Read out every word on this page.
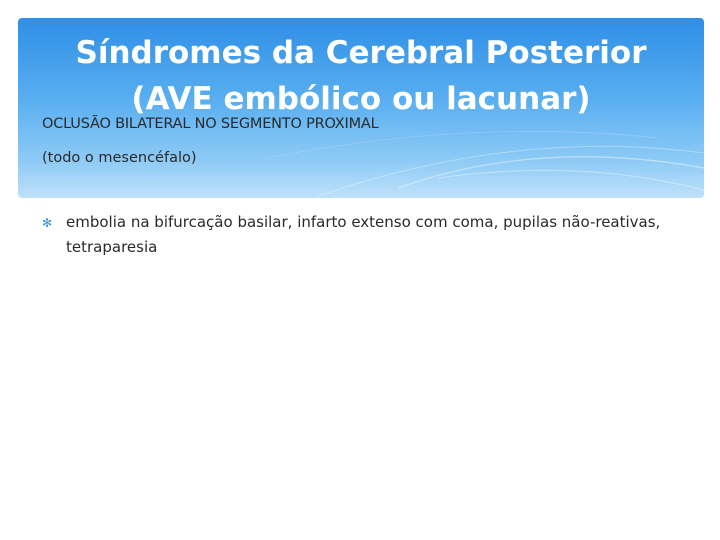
Síndromes da Cerebral Posterior
(AVE embólico ou lacunar)
OCLUSÃO BILATERAL NO SEGMENTO PROXIMAL
(todo o mesencéfalo)
✻ embolia na bifurcação basilar, infarto extenso com coma, pupilas não-reativas, tetraparesia
